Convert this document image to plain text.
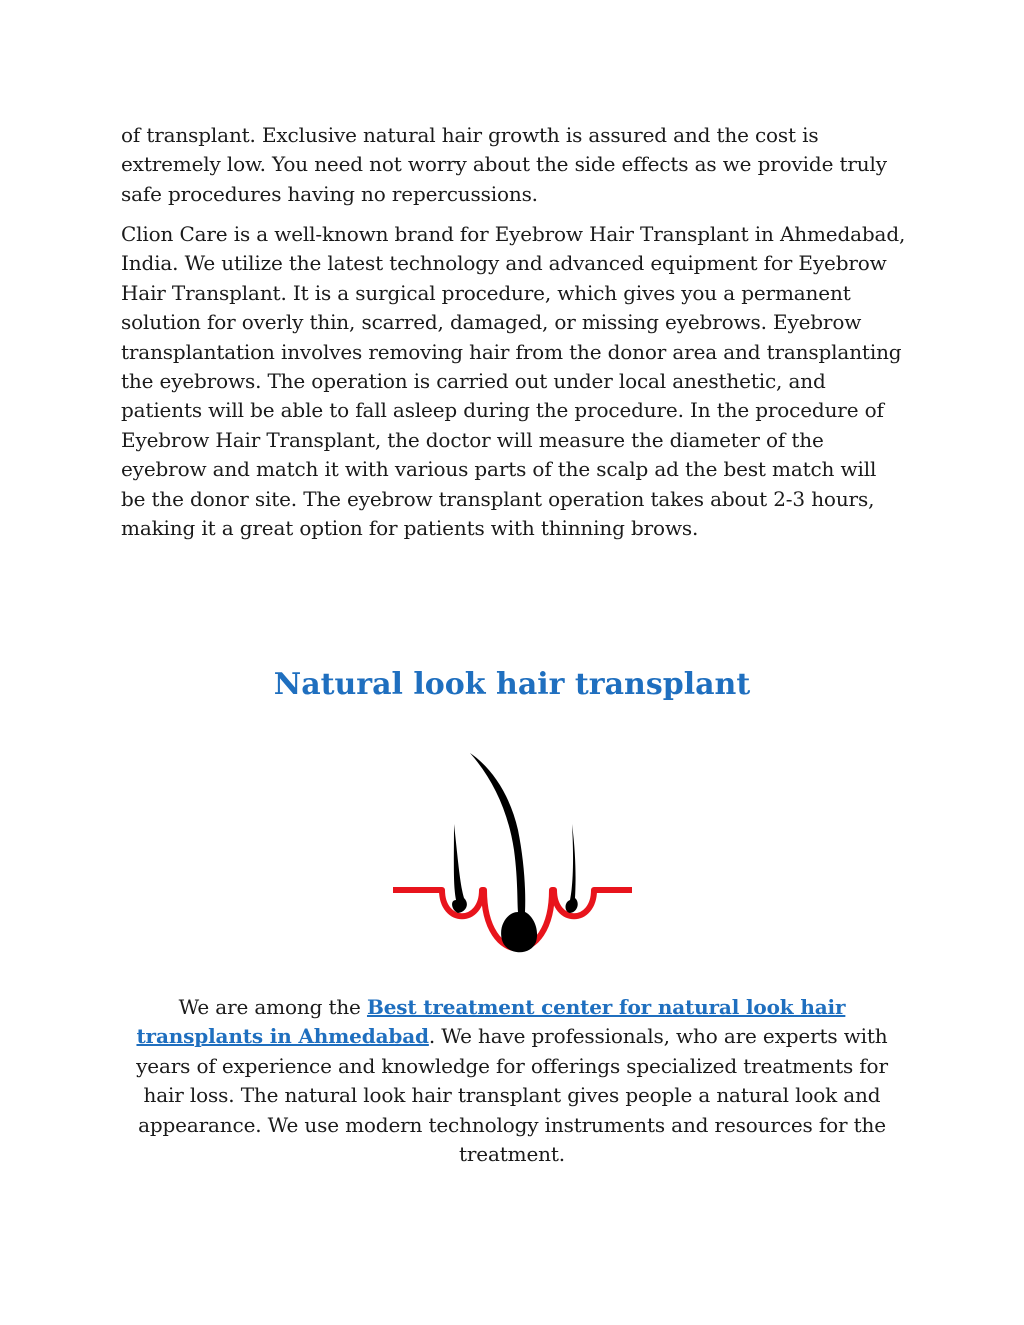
of transplant. Exclusive natural hair growth is assured and the cost is extremely low. You need not worry about the side effects as we provide truly safe procedures having no repercussions.

Clion Care is a well-known brand for Eyebrow Hair Transplant in Ahmedabad, India. We utilize the latest technology and advanced equipment for Eyebrow Hair Transplant. It is a surgical procedure, which gives you a permanent solution for overly thin, scarred, damaged, or missing eyebrows. Eyebrow transplantation involves removing hair from the donor area and transplanting the eyebrows. The operation is carried out under local anesthetic, and patients will be able to fall asleep during the procedure. In the procedure of Eyebrow Hair Transplant, the doctor will measure the diameter of the eyebrow and match it with various parts of the scalp ad the best match will be the donor site. The eyebrow transplant operation takes about 2-3 hours, making it a great option for patients with thinning brows.

Natural look hair transplant

We are among the Best treatment center for natural look hair transplants in Ahmedabad. We have professionals, who are experts with years of experience and knowledge for offerings specialized treatments for hair loss. The natural look hair transplant gives people a natural look and appearance. We use modern technology instruments and resources for the treatment.
